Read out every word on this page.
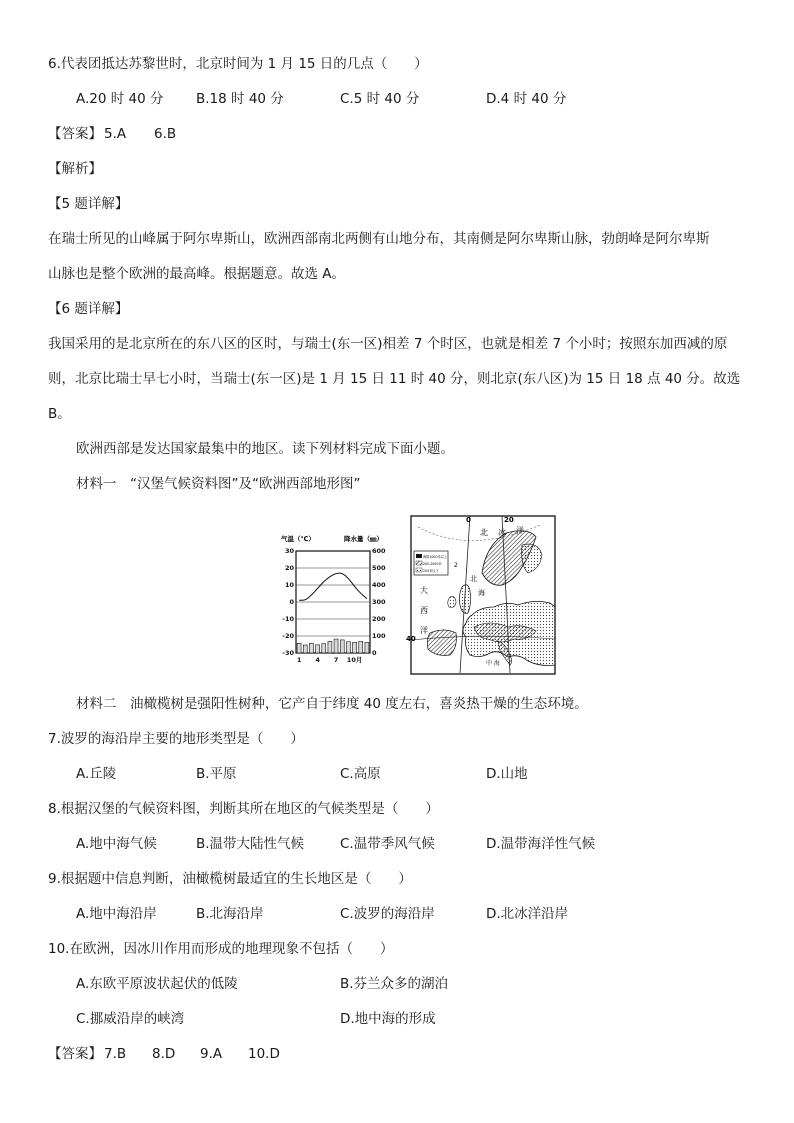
6.代表团抵达苏黎世时，北京时间为 1 月 15 日的几点（　　）
A.20 时 40 分 B.18 时 40 分	C.5 时 40 分	D.4 时 40 分
【答案】 5.A 6.B
【解析】
【5 题详解】
在瑞士所见的山峰属于阿尔卑斯山，欧洲西部南北两侧有山地分布，其南侧是阿尔卑斯山脉，勃朗峰是阿尔卑斯
山脉也是整个欧洲的最高峰。根据题意。故选 A。
【6 题详解】
我国采用的是北京所在的东八区的区时，与瑞士(东一区)相差 7 个时区，也就是相差 7 个小时；按照东加西减的原
则，北京比瑞士早七小时，当瑞士(东一区)是 1 月 15 日 11 时 40 分，则北京(东八区)为 15 日 18 点 40 分。故选
B。
欧洲西部是发达国家最集中的地区。读下列材料完成下面小题。
材料一　“汉堡气候资料图”及“欧洲西部地形图”
气温（℃）	降水量（㎜）
30
20
10
0
-10
-20
-30
600
500
400
300
200
100
0
1 4 7 10月
0	20
40
海拔2000米以上
200-2000米
200米以下
北 冰 洋
大
西
洋
北
海
中 海
2
材料二　油橄榄树是强阳性树种，它产自于纬度 40 度左右，喜炎热干燥的生态环境。
7.波罗的海沿岸主要的地形类型是（　　）
A.丘陵	B.平原	C.高原	D.山地
8.根据汉堡的气候资料图，判断其所在地区的气候类型是（　　）
A.地中海气候	B.温带大陆性气候	C.温带季风气候	D.温带海洋性气候
9.根据题中信息判断，油橄榄树最适宜的生长地区是（　　）
A.地中海沿岸	B.北海沿岸	C.波罗的海沿岸	D.北冰洋沿岸
10.在欧洲，因冰川作用而形成的地理现象不包括（　　）
A.东欧平原波状起伏的低陵	B.芬兰众多的湖泊
C.挪威沿岸的峡湾	D.地中海的形成
【答案】 7.B 8.D 9.A 10.D
